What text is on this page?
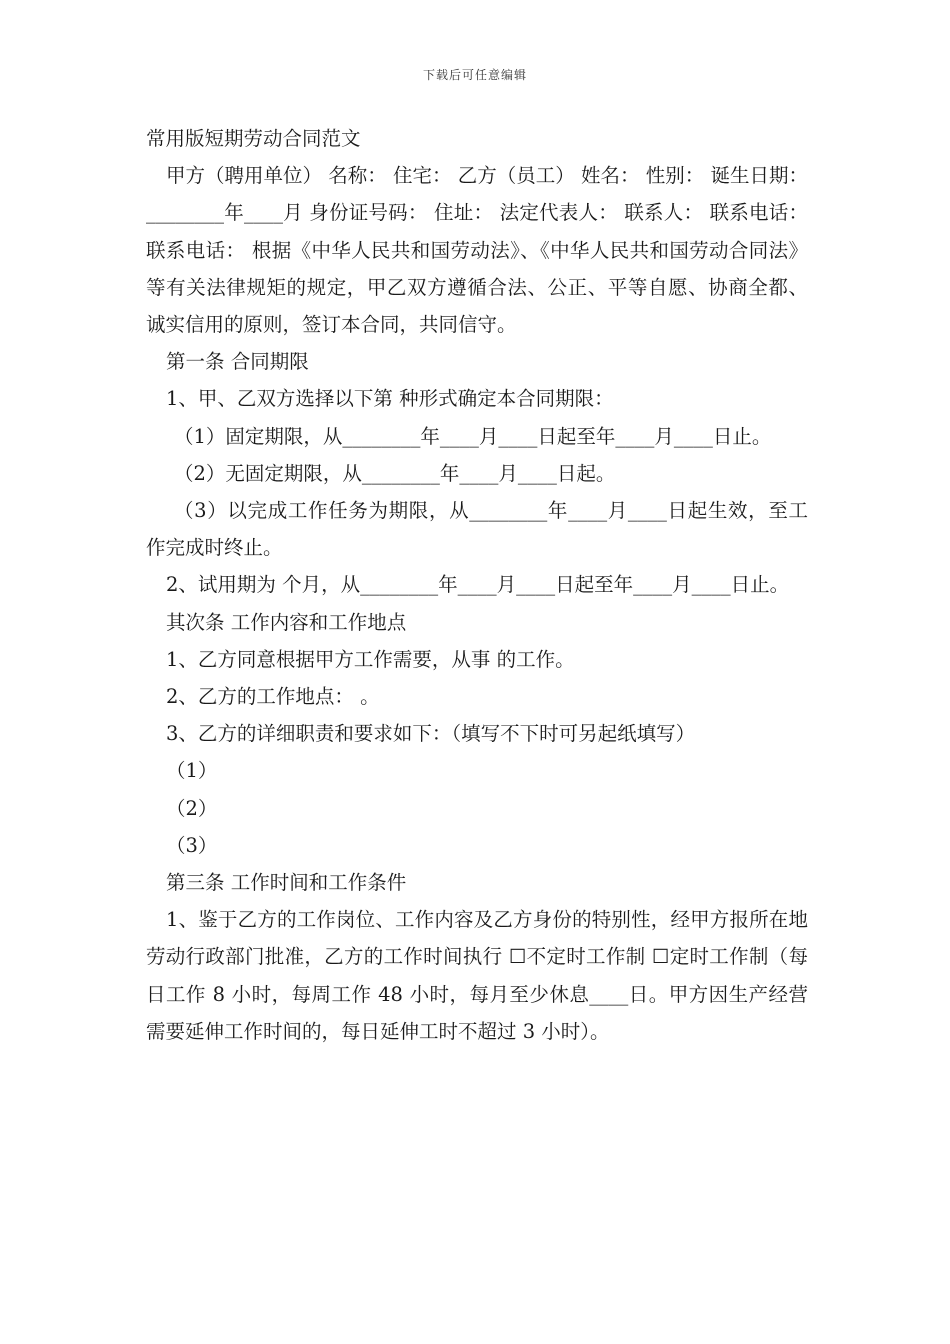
下载后可任意编辑

常用版短期劳动合同范文

甲方（聘用单位） 名称： 住宅： 乙方（员工） 姓名： 性别： 诞生日期：________年____月 身份证号码： 住址： 法定代表人： 联系人： 联系电话： 联系电话： 根据《中华人民共和国劳动法》、《中华人民共和国劳动合同法》等有关法律规矩的规定，甲乙双方遵循合法、公正、平等自愿、协商全都、诚实信用的原则，签订本合同，共同信守。

第一条 合同期限

1、甲、乙双方选择以下第 种形式确定本合同期限：

（1）固定期限，从________年____月____日起至年____月____日止。

（2）无固定期限，从________年____月____日起。

（3）以完成工作任务为期限，从________年____月____日起生效，至工作完成时终止。

2、试用期为 个月，从________年____月____日起至年____月____日止。

其次条 工作内容和工作地点

1、乙方同意根据甲方工作需要，从事 的工作。

2、乙方的工作地点： 。

3、乙方的详细职责和要求如下：（填写不下时可另起纸填写）

（1）

（2）

（3）

第三条 工作时间和工作条件

1、鉴于乙方的工作岗位、工作内容及乙方身份的特别性，经甲方报所在地劳动行政部门批准，乙方的工作时间执行 ☐不定时工作制 ☐定时工作制（每日工作 8 小时，每周工作 48 小时，每月至少休息____日。甲方因生产经营需要延伸工作时间的，每日延伸工时不超过 3 小时）。
